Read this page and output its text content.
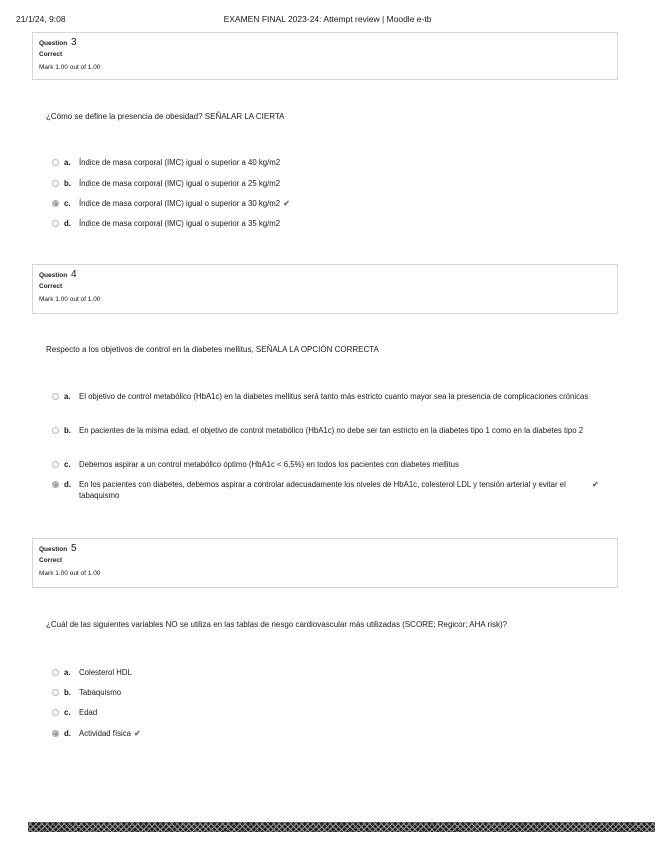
21/1/24, 9:08	EXAMEN FINAL 2023-24: Attempt review | Moodle e-tb
Question 3
Correct
Mark 1.00 out of 1.00
¿Cómo se define la presencia de obesidad? SEÑALAR LA CIERTA
a. Índice de masa corporal (IMC) igual o superior a 40 kg/m2
b. Índice de masa corporal (IMC) igual o superior a 25 kg/m2
c. Índice de masa corporal (IMC) igual o superior a 30 kg/m2 ✔
d. Índice de masa corporal (IMC) igual o superior a 35 kg/m2
Question 4
Correct
Mark 1.00 out of 1.00
Respecto a los objetivos de control en la diabetes mellitus, SEÑALA LA OPCIÓN CORRECTA
a. El objetivo de control metabólico (HbA1c) en la diabetes mellitus será tanto más estricto cuanto mayor sea la presencia de complicaciones crónicas
b. En pacientes de la misma edad, el objetivo de control metabólico (HbA1c) no debe ser tan estricto en la diabetes tipo 1 como en la diabetes tipo 2
c. Debemos aspirar a un control metabólico óptimo (HbA1c < 6,5%) en todos los pacientes con diabetes mellitus
d. En los pacientes con diabetes, debemos aspirar a controlar adecuadamente los niveles de HbA1c, colesterol LDL y tensión arterial y evitar el tabaquismo
✔
Question 5
Correct
Mark 1.00 out of 1.00
¿Cuál de las siguientes variables NO se utiliza en las tablas de riesgo cardiovascular más utilizadas (SCORE; Regicor; AHA risk)?
a. Colesterol HDL
b. Tabaquismo
c. Edad
d. Actividad física ✔
